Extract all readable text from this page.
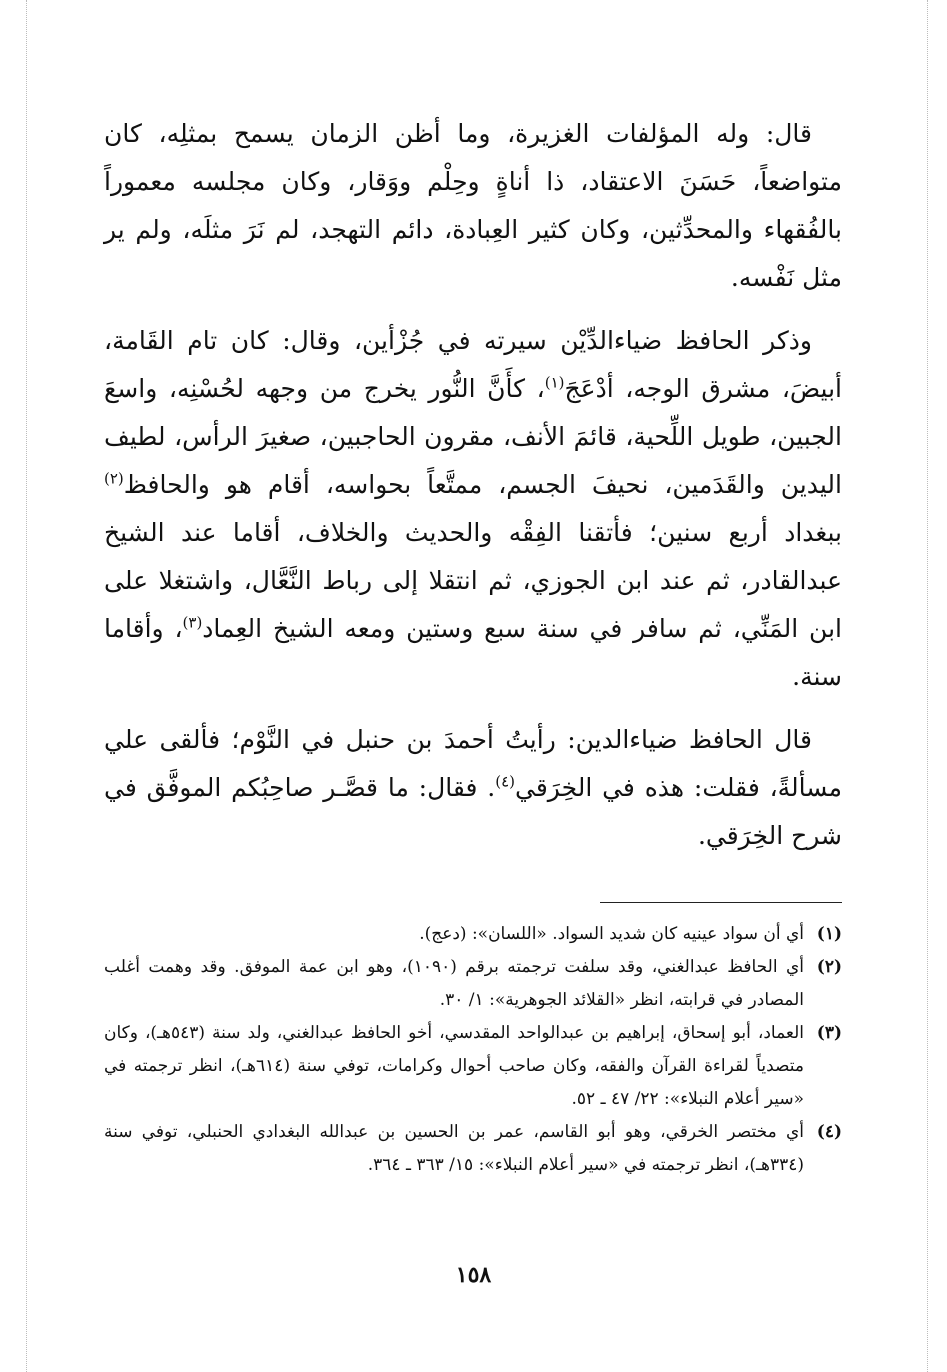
قال: وله المؤلفات الغزيرة، وما أظن الزمان يسمح بمثلِه، كان متواضعاً، حَسَنَ الاعتقاد، ذا أناةٍ وحِلْم ووَقار، وكان مجلسه معموراً بالفُقهاء والمحدِّثين، وكان كثير العِبادة، دائم التهجد، لم نَرَ مثلَه، ولم ير مثل نَفْسه.

وذكر الحافظ ضياءالدِّيْن سيرته في جُزْأين، وقال: كان تام القَامة، أبيضَ، مشرق الوجه، أدْعَجَ$^{(١)}$، كأَنَّ النُّور يخرج من وجهه لحُسْنِه، واسعَ الجبين، طويل اللِّحية، قائمَ الأنف، مقرون الحاجبين، صغيرَ الرأس، لطيف اليدين والقَدَمين، نحيفَ الجسم، ممتَّعاً بحواسه، أقام هو والحافظ$^{(٢)}$ ببغداد أربع سنين؛ فأتقنا الفِقْه والحديث والخلاف، أقاما عند الشيخ عبدالقادر، ثم عند ابن الجوزي، ثم انتقلا إلى رباط النَّعَّال، واشتغلا على ابن المَنِّي، ثم سافر في سنة سبع وستين ومعه الشيخ العِماد$^{(٣)}$، وأقاما سنة.

قال الحافظ ضياءالدين: رأيتُ أحمدَ بن حنبل في النَّوْم؛ فألقى علي مسألةً، فقلت: هذه في الخِرَقي$^{(٤)}$. فقال: ما قصَّـر صاحِبُكم الموفَّق في شرح الخِرَقي.

(١)
أي أن سواد عينيه كان شديد السواد. «اللسان»: (دعج).
(٢)
أي الحافظ عبدالغني، وقد سلفت ترجمته برقم (١٠٩٠)، وهو ابن عمة الموفق. وقد وهمت أغلب المصادر في قرابته، انظر «القلائد الجوهرية»: ١/ ٣٠.
(٣)
العماد، أبو إسحاق، إبراهيم بن عبدالواحد المقدسي، أخو الحافظ عبدالغني، ولد سنة (٥٤٣هـ)، وكان متصدياً لقراءة القرآن والفقه، وكان صاحب أحوال وكرامات، توفي سنة (٦١٤هـ)، انظر ترجمته في «سير أعلام النبلاء»: ٢٢/ ٤٧ ـ ٥٢.
(٤)
أي مختصر الخرقي، وهو أبو القاسم، عمر بن الحسين بن عبدالله البغدادي الحنبلي، توفي سنة (٣٣٤هـ)، انظر ترجمته في «سير أعلام النبلاء»: ١٥/ ٣٦٣ ـ ٣٦٤.
١٥٨
